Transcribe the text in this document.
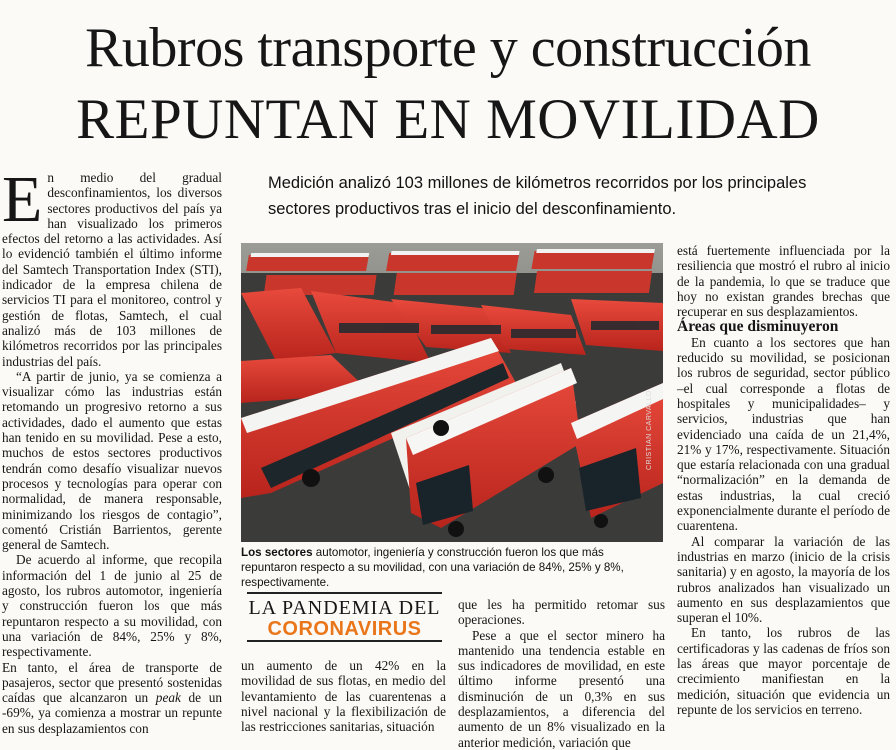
Rubros transporte y construcción
REPUNTAN EN MOVILIDAD
Medición analizó 103 millones de kilómetros recorridos por los principales sectores productivos tras el inicio del desconfinamiento.

En medio del gradual desconfinamientos, los diversos sectores productivos del país ya han visualizado los primeros efectos del retorno a las actividades. Así lo evidenció también el último informe del Samtech Transportation Index (STI), indicador de la empresa chilena de servicios TI para el monitoreo, control y gestión de flotas, Samtech, el cual analizó más de 103 millones de kilómetros recorridos por las principales industrias del país.

“A partir de junio, ya se comienza a visualizar cómo las industrias están retomando un progresivo retorno a sus actividades, dado el aumento que estas han tenido en su movilidad. Pese a esto, muchos de estos sectores productivos tendrán como desafío visualizar nuevos procesos y tecnologías para operar con normalidad, de manera responsable, minimizando los riesgos de contagio”, comentó Cristián Barrientos, gerente general de Samtech.

De acuerdo al informe, que recopila información del 1 de junio al 25 de agosto, los rubros automotor, ingeniería y construcción fueron los que más repuntaron respecto a su movilidad, con una variación de 84%, 25% y 8%, respectivamente.

En tanto, el área de transporte de pasajeros, sector que presentó sostenidas caídas que alcanzaron un peak de un -69%, ya comienza a mostrar un repunte en sus desplazamientos con

CRISTIAN CARVALLO
Los sectores automotor, ingeniería y construcción fueron los que más repuntaron respecto a su movilidad, con una variación de 84%, 25% y 8%, respectivamente.
LA PANDEMIA DEL
CORONAVIRUS

un aumento de un 42% en la movilidad de sus flotas, en medio del levantamiento de las cuarentenas a nivel nacional y la flexibilización de las restricciones sanitarias, situación

que les ha permitido retomar sus operaciones.

Pese a que el sector minero ha mantenido una tendencia estable en sus indicadores de movilidad, en este último informe presentó una disminución de un 0,3% en sus desplazamientos, a diferencia del aumento de un 8% visualizado en la anterior medición, variación que

está fuertemente influenciada por la resiliencia que mostró el rubro al inicio de la pandemia, lo que se traduce que hoy no existan grandes brechas que recuperar en sus desplazamientos.

Áreas que disminuyeron

En cuanto a los sectores que han reducido su movilidad, se posicionan los rubros de seguridad, sector público –el cual corresponde a flotas de hospitales y municipalidades– y servicios, industrias que han evidenciado una caída de un 21,4%, 21% y 17%, respectivamente. Situación que estaría relacionada con una gradual “normalización” en la demanda de estas industrias, la cual creció exponencialmente durante el período de cuarentena.

Al comparar la variación de las industrias en marzo (inicio de la crisis sanitaria) y en agosto, la mayoría de los rubros analizados han visualizado un aumento en sus desplazamientos que superan el 10%.

En tanto, los rubros de las certificadoras y las cadenas de fríos son las áreas que mayor porcentaje de crecimiento manifiestan en la medición, situación que evidencia un repunte de los servicios en terreno.
